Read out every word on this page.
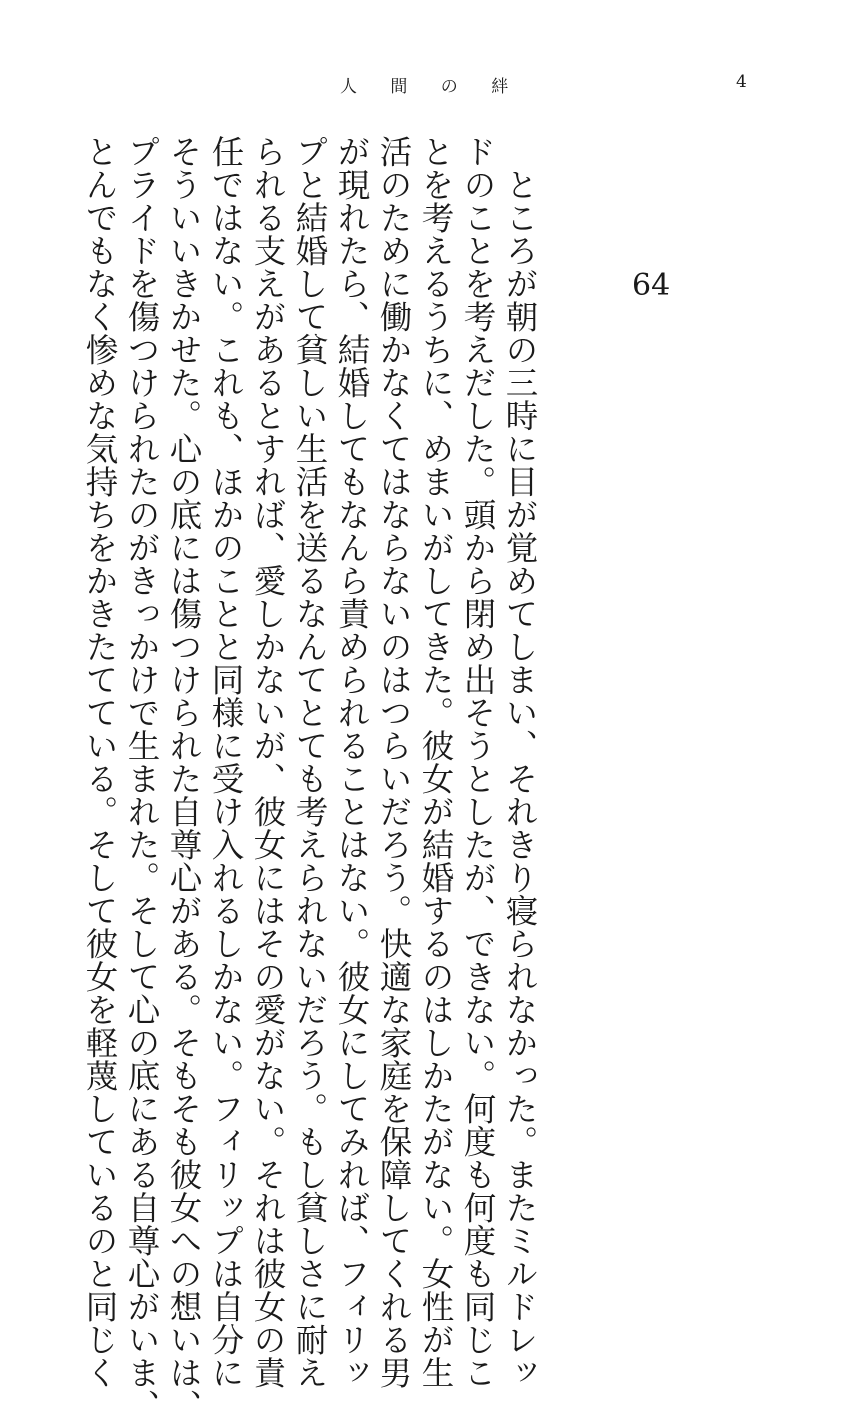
人 間 の 絆	4
64
ところが朝の三時に目が覚めてしまい、それきり寝られなかった。またミルドレッ
ドのことを考えだした。頭から閉め出そうとしたが、できない。何度も何度も同じこ
とを考えるうちに、めまいがしてきた。彼女が結婚するのはしかたがない。女性が生
活のために働かなくてはならないのはつらいだろう。快適な家庭を保障してくれる男
が現れたら、結婚してもなんら責められることはない。彼女にしてみれば、フィリッ
プと結婚して貧しい生活を送るなんてとても考えられないだろう。もし貧しさに耐え
られる支えがあるとすれば、愛しかないが、彼女にはその愛がない。それは彼女の責
任ではない。これも、ほかのことと同様に受け入れるしかない。フィリップは自分に
そういいきかせた。心の底には傷つけられた自尊心がある。そもそも彼女への想いは、
プライドを傷つけられたのがきっかけで生まれた。そして心の底にある自尊心がいま、
とんでもなく惨めな気持ちをかきたてている。そして彼女を軽蔑しているのと同じく
